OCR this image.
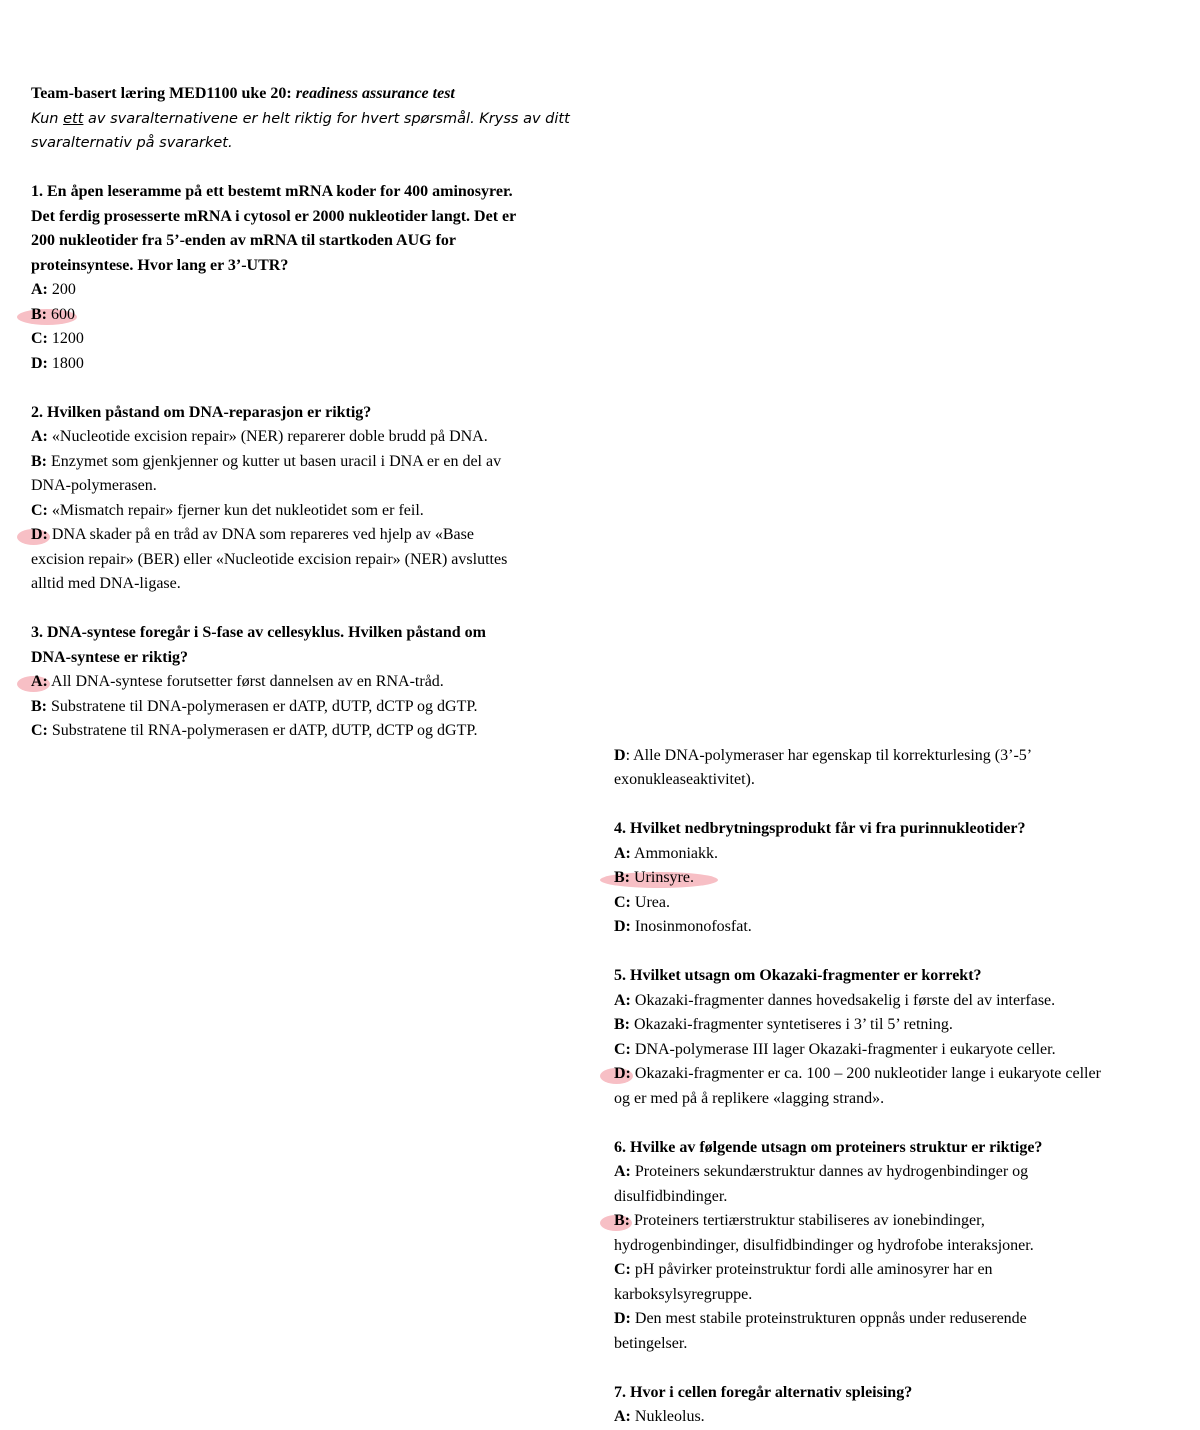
Team-basert læring MED1100 uke 20: readiness assurance test
Kun ett av svaralternativene er helt riktig for hvert spørsmål. Kryss av ditt
svaralternativ på svararket.
1. En åpen leseramme på ett bestemt mRNA koder for 400 aminosyrer.
Det ferdig prosesserte mRNA i cytosol er 2000 nukleotider langt. Det er
200 nukleotider fra 5’-enden av mRNA til startkoden AUG for
proteinsyntese. Hvor lang er 3’-UTR?
A: 200
B: 600
C: 1200
D: 1800
2. Hvilken påstand om DNA-reparasjon er riktig?
A: «Nucleotide excision repair» (NER) reparerer doble brudd på DNA.
B: Enzymet som gjenkjenner og kutter ut basen uracil i DNA er en del av
DNA-polymerasen.
C: «Mismatch repair» fjerner kun det nukleotidet som er feil.
D: DNA skader på en tråd av DNA som repareres ved hjelp av «Base
excision repair» (BER) eller «Nucleotide excision repair» (NER) avsluttes
alltid med DNA-ligase.
3. DNA-syntese foregår i S-fase av cellesyklus. Hvilken påstand om
DNA-syntese er riktig?
A: All DNA-syntese forutsetter først dannelsen av en RNA-tråd.
B: Substratene til DNA-polymerasen er dATP, dUTP, dCTP og dGTP.
C: Substratene til RNA-polymerasen er dATP, dUTP, dCTP og dGTP.
D: Alle DNA-polymeraser har egenskap til korrekturlesing (3’-5’
exonukleaseaktivitet).
4. Hvilket nedbrytningsprodukt får vi fra purinnukleotider?
A: Ammoniakk.
B: Urinsyre.
C: Urea.
D: Inosinmonofosfat.
5. Hvilket utsagn om Okazaki-fragmenter er korrekt?
A: Okazaki-fragmenter dannes hovedsakelig i første del av interfase.
B: Okazaki-fragmenter syntetiseres i 3’ til 5’ retning.
C: DNA-polymerase III lager Okazaki-fragmenter i eukaryote celler.
D: Okazaki-fragmenter er ca. 100 – 200 nukleotider lange i eukaryote celler
og er med på å replikere «lagging strand».
6. Hvilke av følgende utsagn om proteiners struktur er riktige?
A: Proteiners sekundærstruktur dannes av hydrogenbindinger og
disulfidbindinger.
B: Proteiners tertiærstruktur stabiliseres av ionebindinger,
hydrogenbindinger, disulfidbindinger og hydrofobe interaksjoner.
C: pH påvirker proteinstruktur fordi alle aminosyrer har en
karboksylsyregruppe.
D: Den mest stabile proteinstrukturen oppnås under reduserende
betingelser.
7. Hvor i cellen foregår alternativ spleising?
A: Nukleolus.
